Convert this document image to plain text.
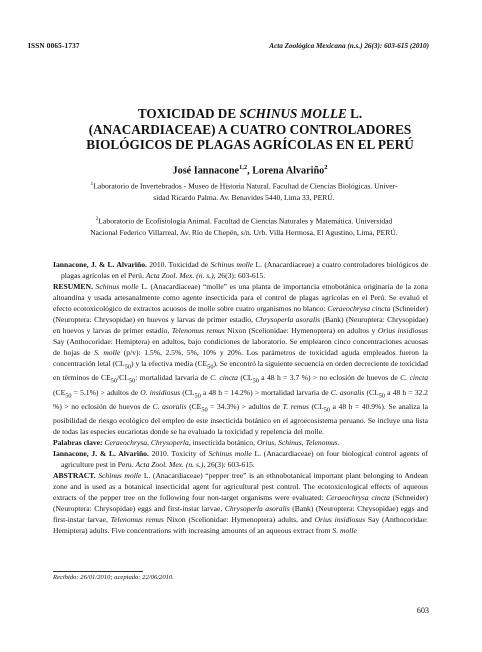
ISSN 0065-1737	Acta Zoológica Mexicana (n.s.) 26(3): 603-615 (2010)
TOXICIDAD DE SCHINUS MOLLE L.
(ANACARDIACEAE) A CUATRO CONTROLADORES
BIOLÓGICOS DE PLAGAS AGRÍCOLAS EN EL PERÚ
José Iannacone$^{1,2}$, Lorena Alvariño$^2$
$^1$Laboratorio de Invertebrados - Museo de Historia Natural. Facultad de Ciencias Biológicas. Univer-
sidad Ricardo Palma. Av. Benavides 5440, Lima 33, PERÚ.
$^2$Laboratorio de Ecofisiología Animal. Facultad de Ciencias Naturales y Matemática. Universidad
Nacional Federico Villarreal, Av. Río de Chepén, s/n. Urb. Villa Hermosa, El Agustino, Lima, PERÚ.

Iannacone, J. & L. Alvariño. 2010. Toxicidad de Schinus molle L. (Anacardiaceae) a cuatro controladores biológicos de plagas agrícolas en el Perú. Acta Zool. Mex. (n. s.), 26(3): 603-615.

RESUMEN. Schinus molle L. (Anacardiaceae) “molle” es una planta de importancia etnobotánica originaria de la zona altoandina y usada artesanalmente como agente insecticida para el control de plagas agrícolas en el Perú. Se evaluó el efecto ecotoxicológico de extractos acuosos de molle sobre cuatro organismos no blanco: Ceraeochrysa cincta (Schneider) (Neuroptera: Chrysopidae) en huevos y larvas de primer estadío, Chrysoperla asoralis (Bank) (Neuroptera: Chrysopidae) en huevos y larvas de primer estadío, Telenomus remus Nixon (Scelionidae: Hymenoptera) en adultos y Orius insidiosus Say (Anthocoridae: Hemiptera) en adultos, bajo condiciones de laboratorio. Se emplearon cinco concentraciones acuosas de hojas de S. molle (p/v): 1.5%, 2.5%, 5%, 10% y 20%. Los parámetros de toxicidad aguda empleados fueron la concentración letal $(CL_{50})$ y la efectiva media $(CE_{50})$. Se encontró la siguiente secuencia en orden decreciente de toxicidad en términos de $CE_{50}/CL_{50}$: mortalidad larvaria de C. cincta ($CL_{50}$ a 48 h = 3.7 %) > no eclosión de huevos de C. cincta $(CE_{50} = 5.1\%)$ > adultos de O. insidiosus ($CL_{50}$ a 48 h = 14.2%) > mortalidad larvaria de C. asoralis ($CL_{50}$ a 48 h = 32.2 %) > no eclosión de huevos de C. asoralis $(CE_{50} = 34.3\%)$ > adultos de T. remus ($CL_{50}$ a 48 h = 40.9%). Se analiza la posibilidad de riesgo ecológico del empleo de este insecticida botánico en el agroecosistema peruano. Se incluye una lista de todas las especies eucariotas donde se ha evaluado la toxicidad y repelencia del molle.

Palabras clave: Ceraeochrysa, Chrysoperla, insecticida botánico, Orius, Schinus, Telenomus.

Iannacone, J. & L. Alvariño. 2010. Toxicity of Schinus molle L. (Anacardiaceae) on four biological control agents of agriculture pest in Peru. Acta Zool. Mex. (n. s.), 26(3): 603-615.

ABSTRACT. Schinus molle L. (Anacardiaceae) “pepper tree” is an ethnobotanical important plant belonging to Andean zone and is used as a botanical insecticidal agent for agricultural pest control. The ecotoxicological effects of aqueous extracts of the pepper tree on the following four non-target organisms were evaluated: Ceraeochrysa cincta (Schneider) (Neuroptera: Chrysopidae) eggs and first-instar larvae, Chrysoperla asoralis (Bank) (Neuroptera: Chrysopidae) eggs and first-instar larvae, Telenomus remus Nixon (Scelionidae: Hymenoptera) adults, and Orius insidiosus Say (Anthocoridae: Hemiptera) adults. Five concentrations with increasing amounts of an aqueous extract from S. molle

Recibido: 26/01/2010; aceptado: 22/06/2010.
603
